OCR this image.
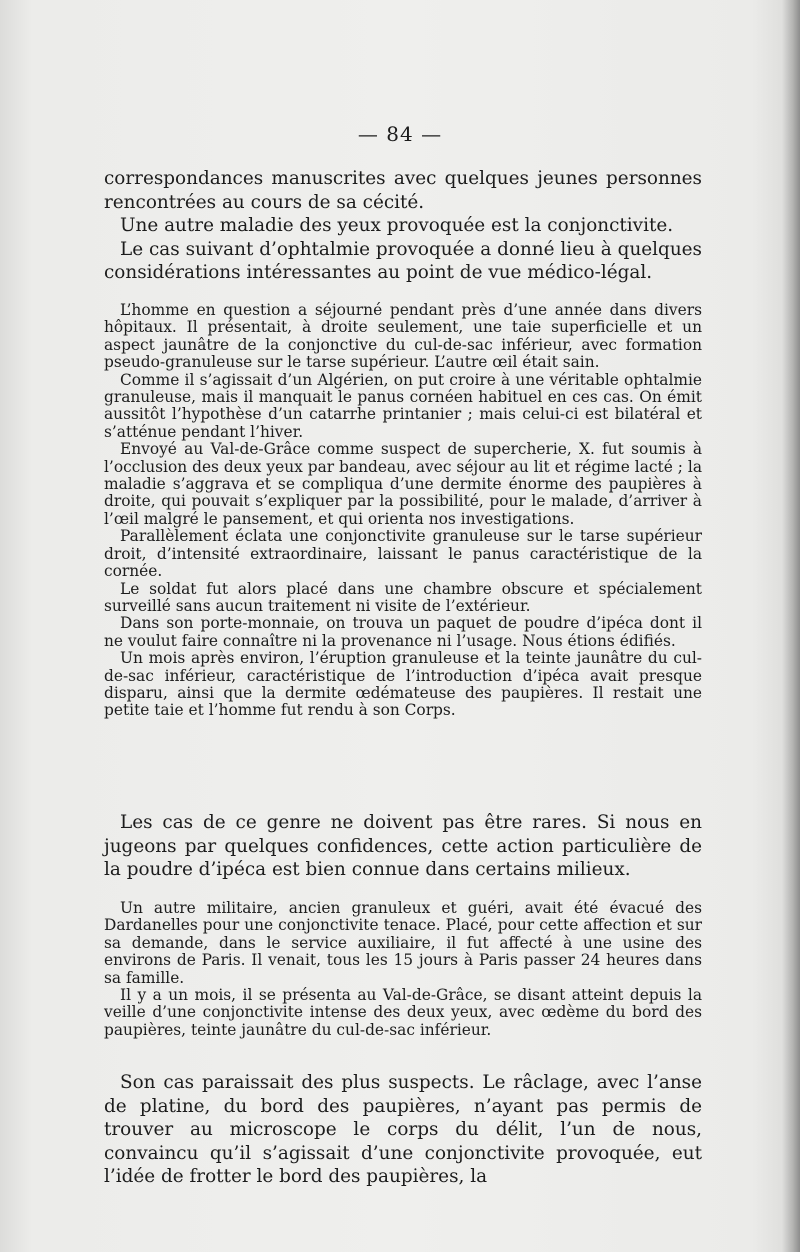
— 84 —

correspondances manuscrites avec quelques jeunes personnes rencontrées au cours de sa cécité.

Une autre maladie des yeux provoquée est la conjonctivite.

Le cas suivant d’ophtalmie provoquée a donné lieu à quelques considérations intéressantes au point de vue médico-légal.

L’homme en question a séjourné pendant près d’une année dans divers hôpitaux. Il présentait, à droite seulement, une taie superficielle et un aspect jaunâtre de la conjonctive du cul-de-sac inférieur, avec formation pseudo-granuleuse sur le tarse supérieur. L’autre œil était sain.

Comme il s’agissait d’un Algérien, on put croire à une véritable ophtalmie granuleuse, mais il manquait le panus cornéen habituel en ces cas. On émit aussitôt l’hypothèse d’un catarrhe printanier ; mais celui-ci est bilatéral et s’atténue pendant l’hiver.

Envoyé au Val-de-Grâce comme suspect de supercherie, X. fut soumis à l’occlusion des deux yeux par bandeau, avec séjour au lit et régime lacté ; la maladie s’aggrava et se compliqua d’une dermite énorme des paupières à droite, qui pouvait s’expliquer par la possibilité, pour le malade, d’arriver à l’œil malgré le pansement, et qui orienta nos investigations.

Parallèlement éclata une conjonctivite granuleuse sur le tarse supérieur droit, d’intensité extraordinaire, laissant le panus caractéristique de la cornée.

Le soldat fut alors placé dans une chambre obscure et spécialement surveillé sans aucun traitement ni visite de l’extérieur.

Dans son porte-monnaie, on trouva un paquet de poudre d’ipéca dont il ne voulut faire connaître ni la provenance ni l’usage. Nous étions édifiés.

Un mois après environ, l’éruption granuleuse et la teinte jaunâtre du cul-de-sac inférieur, caractéristique de l’introduction d’ipéca avait presque disparu, ainsi que la dermite œdémateuse des paupières. Il restait une petite taie et l’homme fut rendu à son Corps.

Les cas de ce genre ne doivent pas être rares. Si nous en jugeons par quelques confidences, cette action particulière de la poudre d’ipéca est bien connue dans certains milieux.

Un autre militaire, ancien granuleux et guéri, avait été évacué des Dardanelles pour une conjonctivite tenace. Placé, pour cette affection et sur sa demande, dans le service auxiliaire, il fut affecté à une usine des environs de Paris. Il venait, tous les 15 jours à Paris passer 24 heures dans sa famille.

Il y a un mois, il se présenta au Val-de-Grâce, se disant atteint depuis la veille d’une conjonctivite intense des deux yeux, avec œdème du bord des paupières, teinte jaunâtre du cul-de-sac inférieur.

Son cas paraissait des plus suspects. Le râclage, avec l’anse de platine, du bord des paupières, n’ayant pas permis de trouver au microscope le corps du délit, l’un de nous, convaincu qu’il s’agissait d’une conjonctivite provoquée, eut l’idée de frotter le bord des paupières, la
